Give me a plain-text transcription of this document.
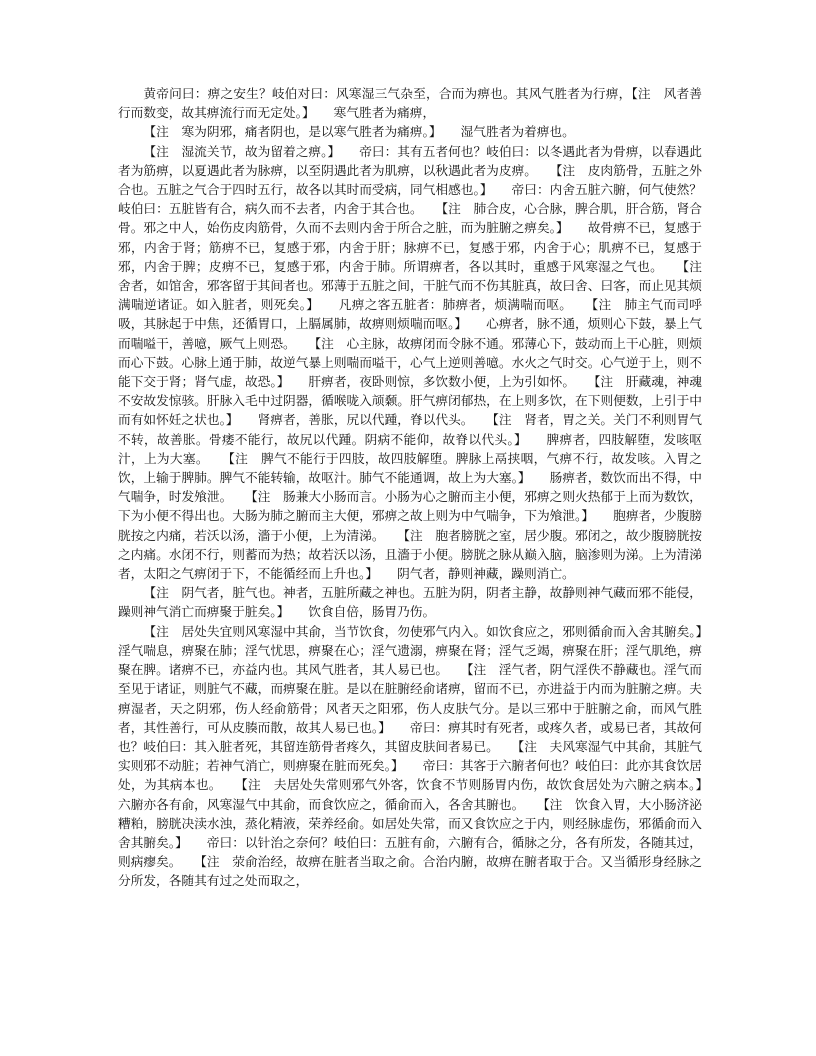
黄帝问曰：痹之安生？岐伯对曰：风寒湿三气杂至，合而为痹也。其风气胜者为行痹，【注　风者善行而数变，故其痹流行而无定处。】　　寒气胜者为痛痹，

【注　寒为阴邪，痛者阴也，是以寒气胜者为痛痹。】　　湿气胜者为着痹也。

【注　湿流关节，故为留着之痹。】　　帝曰：其有五者何也？岐伯曰：以冬遇此者为骨痹，以春遇此者为筋痹，以夏遇此者为脉痹，以至阴遇此者为肌痹，以秋遇此者为皮痹。　　【注　皮肉筋骨，五脏之外合也。五脏之气合于四时五行，故各以其时而受病，同气相感也。】　　帝曰：内舍五脏六腑，何气使然？岐伯曰：五脏皆有合，病久而不去者，内舍于其合也。　　【注　肺合皮，心合脉，脾合肌，肝合筋，肾合骨。邪之中人，始伤皮肉筋骨，久而不去则内舍于所合之脏，而为脏腑之痹矣。】　　故骨痹不已，复感于邪，内舍于肾；筋痹不已，复感于邪，内舍于肝；脉痹不已，复感于邪，内舍于心；肌痹不已，复感于邪，内舍于脾；皮痹不已，复感于邪，内舍于肺。所谓痹者，各以其时，重感于风寒湿之气也。　　【注　舍者，如馆舍，邪客留于其间者也。邪薄于五脏之间，干脏气而不伤其脏真，故曰舍、曰客，而止见其烦满喘逆诸证。如入脏者，则死矣。】　　凡痹之客五脏者：肺痹者，烦满喘而呕。　　【注　肺主气而司呼吸，其脉起于中焦，还循胃口，上膈属肺，故痹则烦喘而呕。】　　心痹者，脉不通，烦则心下鼓，暴上气而喘嗌干，善噫，厥气上则恐。　　【注　心主脉，故痹闭而令脉不通。邪薄心下，鼓动而上干心脏，则烦而心下鼓。心脉上通于肺，故逆气暴上则喘而嗌干，心气上逆则善噫。水火之气时交。心气逆于上，则不能下交于肾；肾气虚，故恐。】　　肝痹者，夜卧则惊，多饮数小便，上为引如怀。　　【注　肝藏魂，神魂不安故发惊骇。肝脉入毛中过阴器，循喉咙入颃颡。肝气痹闭郁热，在上则多饮，在下则便数，上引于中而有如怀妊之状也。】　　肾痹者，善胀，尻以代踵，脊以代头。　　【注　肾者，胃之关。关门不利则胃气不转，故善胀。骨痿不能行，故尻以代踵。阴病不能仰，故脊以代头。】　　脾痹者，四肢解堕，发咳呕汁，上为大塞。　　【注　脾气不能行于四肢，故四肢解堕。脾脉上鬲挟咽，气痹不行，故发咳。入胃之饮，上输于脾肺。脾气不能转输，故呕汁。肺气不能通调，故上为大塞。】　　肠痹者，数饮而出不得，中气喘争，时发飧泄。　　【注　肠兼大小肠而言。小肠为心之腑而主小便，邪痹之则火热郁于上而为数饮，下为小便不得出也。大肠为肺之腑而主大便，邪痹之故上则为中气喘争，下为飧泄。】　　胞痹者，少腹膀胱按之内痛，若沃以汤，濇于小便，上为清涕。　　【注　胞者膀胱之室，居少腹。邪闭之，故少腹膀胱按之内痛。水闭不行，则蓄而为热；故若沃以汤，且濇于小便。膀胱之脉从巅入脑，脑渗则为涕。上为清涕者，太阳之气痹闭于下，不能循经而上升也。】　　阴气者，静则神藏，躁则消亡。

【注　阴气者，脏气也。神者，五脏所藏之神也。五脏为阴，阴者主静，故静则神气藏而邪不能侵，躁则神气消亡而痹聚于脏矣。】　　饮食自倍，肠胃乃伤。

【注　居处失宜则风寒湿中其俞，当节饮食，勿使邪气内入。如饮食应之，邪则循俞而入舍其腑矣。】　　淫气喘息，痹聚在肺；淫气忧思，痹聚在心；淫气遗溺，痹聚在肾；淫气乏竭，痹聚在肝；淫气肌绝，痹聚在脾。诸痹不已，亦益内也。其风气胜者，其人易已也。　　【注　淫气者，阴气淫佚不静藏也。淫气而至见于诸证，则脏气不藏，而痹聚在脏。是以在脏腑经俞诸痹，留而不已，亦进益于内而为脏腑之痹。夫痹湿者，天之阴邪，伤人经俞筋骨；风者天之阳邪，伤人皮肤气分。是以三邪中于脏腑之俞，而风气胜者，其性善行，可从皮腠而散，故其人易已也。】　　帝曰：痹其时有死者，或疼久者，或易已者，其故何也？岐伯曰：其入脏者死，其留连筋骨者疼久，其留皮肤间者易已。　　【注　夫风寒湿气中其俞，其脏气实则邪不动脏；若神气消亡，则痹聚在脏而死矣。】　　帝曰：其客于六腑者何也？岐伯曰：此亦其食饮居处，为其病本也。　　【注　夫居处失常则邪气外客，饮食不节则肠胃内伤，故饮食居处为六腑之病本。】　　六腑亦各有俞，风寒湿气中其俞，而食饮应之，循俞而入，各舍其腑也。　　【注　饮食入胃，大小肠济泌糟粕，膀胱决渎水浊，蒸化精液，荣养经俞。如居处失常，而又食饮应之于内，则经脉虚伤，邪循俞而入舍其腑矣。】　　帝曰：以针治之奈何？岐伯曰：五脏有俞，六腑有合，循脉之分，各有所发，各随其过，则病瘳矣。　　【注　荥俞治经，故痹在脏者当取之俞。合治内腑，故痹在腑者取于合。又当循形身经脉之分所发，各随其有过之处而取之，
